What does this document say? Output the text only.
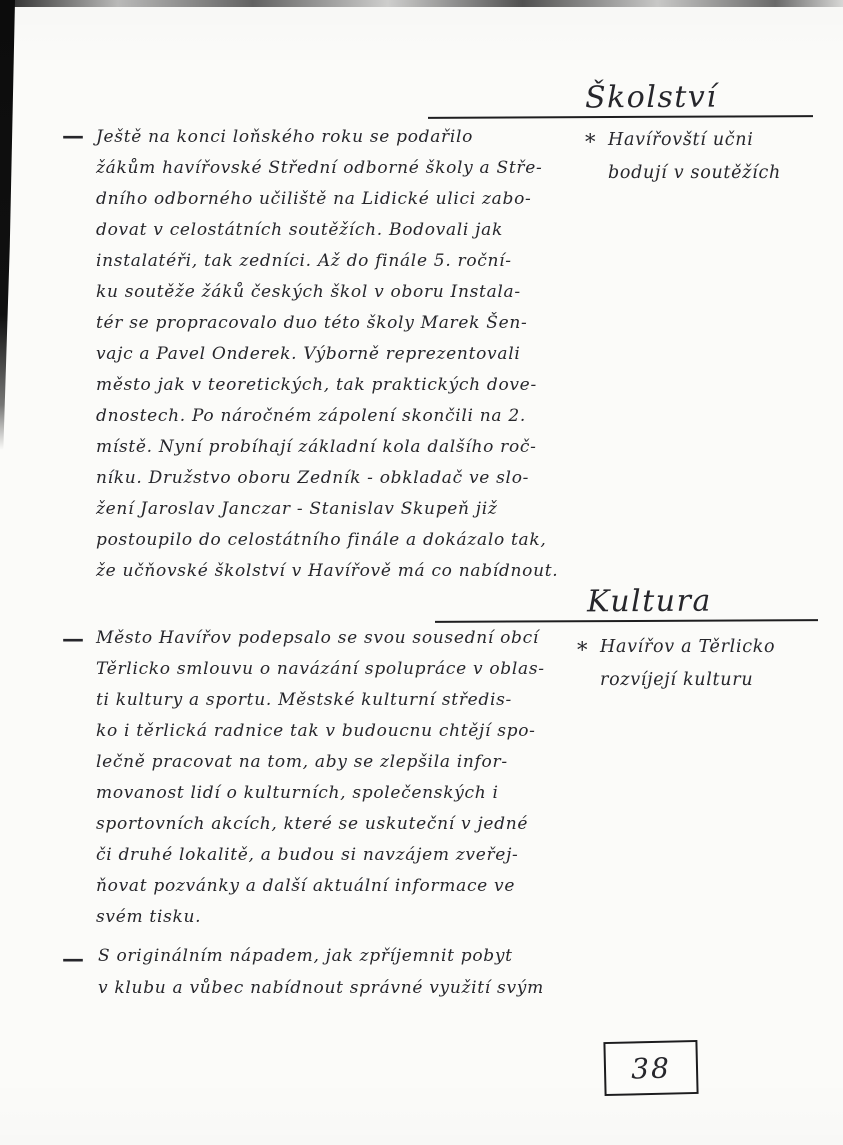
Školství
— Ještě na konci loňského roku se podařilo
žákům havířovské Střední odborné školy a Stře-
dního odborného učiliště na Lidické ulici zabo-
dovat v celostátních soutěžích. Bodovali jak
instalatéři, tak zedníci. Až do finále 5. roční-
ku soutěže žáků českých škol v oboru Instala-
tér se propracovalo duo této školy Marek Šen-
vajc a Pavel Onderek. Výborně reprezentovali
město jak v teoretických, tak praktických dove-
dnostech. Po náročném zápolení skončili na 2.
místě. Nyní probíhají základní kola dalšího roč-
níku. Družstvo oboru Zedník - obkladač ve slo-
žení Jaroslav Janczar - Stanislav Skupeň již
postoupilo do celostátního finále a dokázalo tak,
že učňovské školství v Havířově má co nabídnout.
* Havířovští učni
bodují v soutěžích
Kultura
— Město Havířov podepsalo se svou sousední obcí
Těrlicko smlouvu o navázání spolupráce v oblas-
ti kultury a sportu. Městské kulturní středis-
ko i těrlická radnice tak v budoucnu chtějí spo-
lečně pracovat na tom, aby se zlepšila infor-
movanost lidí o kulturních, společenských i
sportovních akcích, které se uskuteční v jedné
či druhé lokalitě, a budou si navzájem zveřej-
ňovat pozvánky a další aktuální informace ve
svém tisku.
* Havířov a Těrlicko
rozvíjejí kulturu
— S originálním nápadem, jak zpříjemnit pobyt
v klubu a vůbec nabídnout správné využití svým
38
